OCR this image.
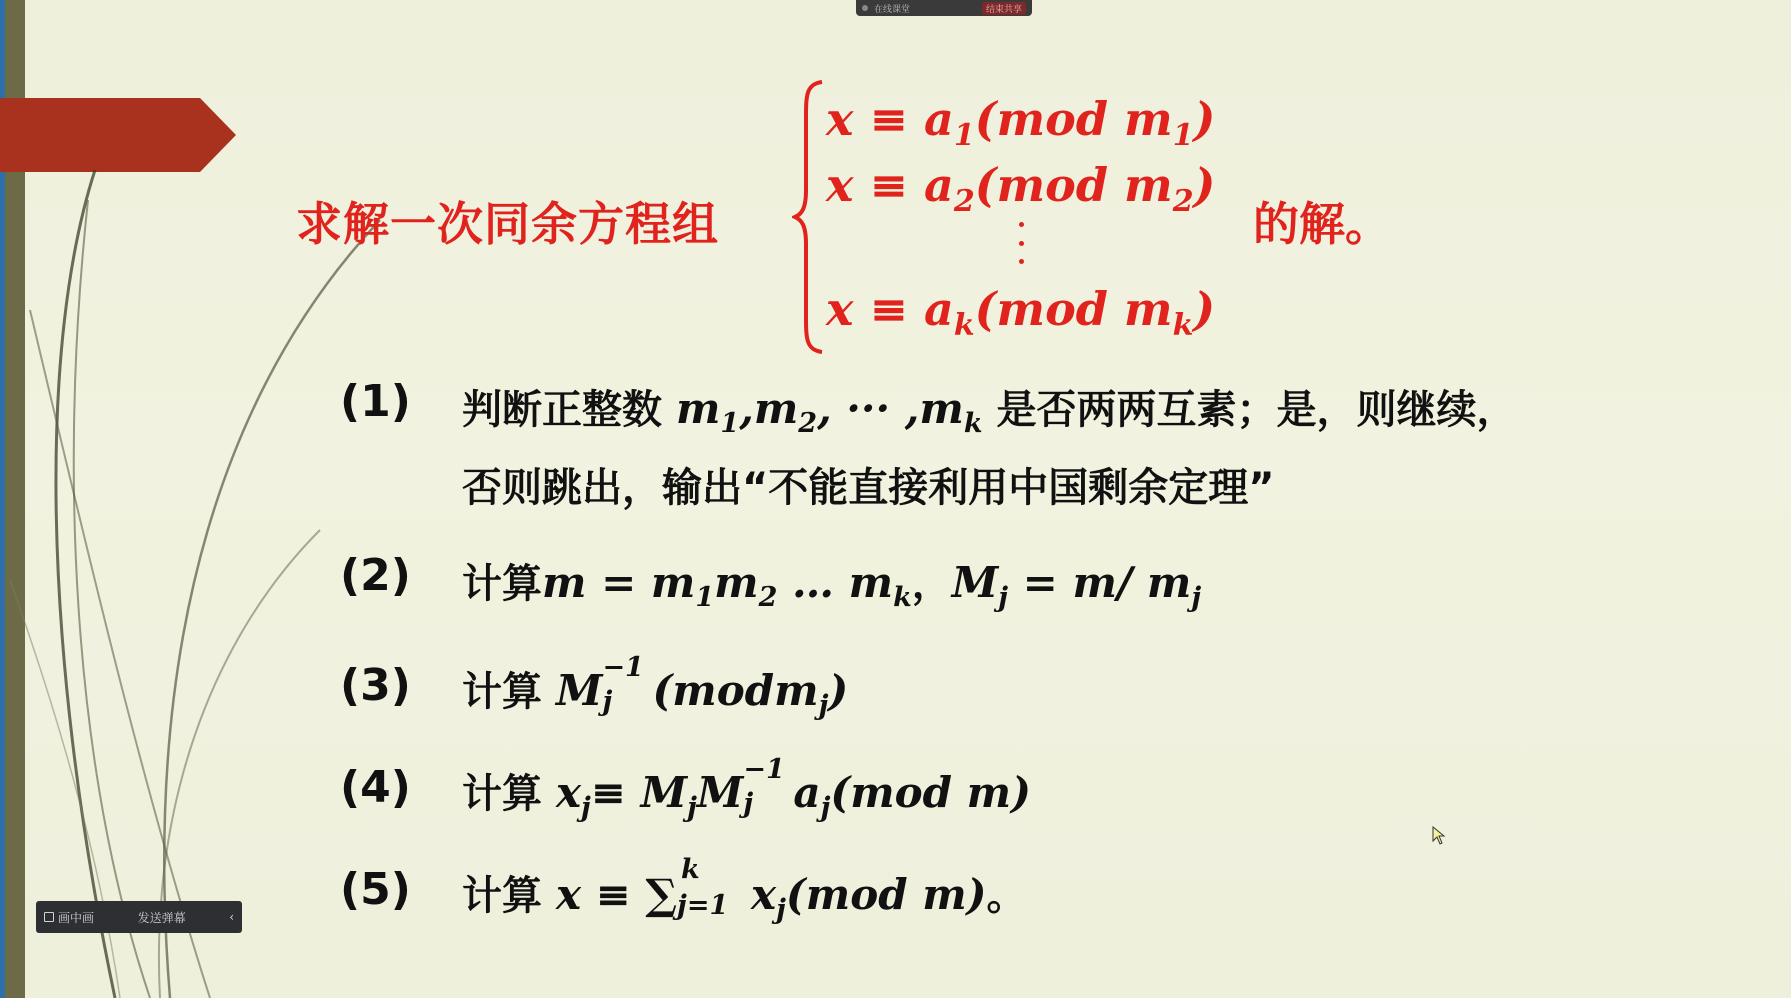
在线课堂	结束共享
求解一次同余方程组
$x \equiv a_1(mod$ $m_1$)
$x \equiv a_2(mod$ $m_2$)
$x \equiv a_k(mod$ $m_k$)
的解。
(1) 判断正整数 $m_1,m_2$, ··· $,m_k$ 是否两两互素；是，则继续，
否则跳出，输出“不能直接利用中国剩余定理”
(2) 计算$m = m_1m_2$ … $m_k$，$M_j = m/$ $m_j$
(3) 计算 M j
−1 (modm$_j$)
(4) 计算 $x_j\equiv M_jM$ j
−1 $a_j(mod$ m)
(5) 计算 x ≡ ∑ j=1
k
$x_j(mod$ m)。
画中画	发送弹幕	‹
